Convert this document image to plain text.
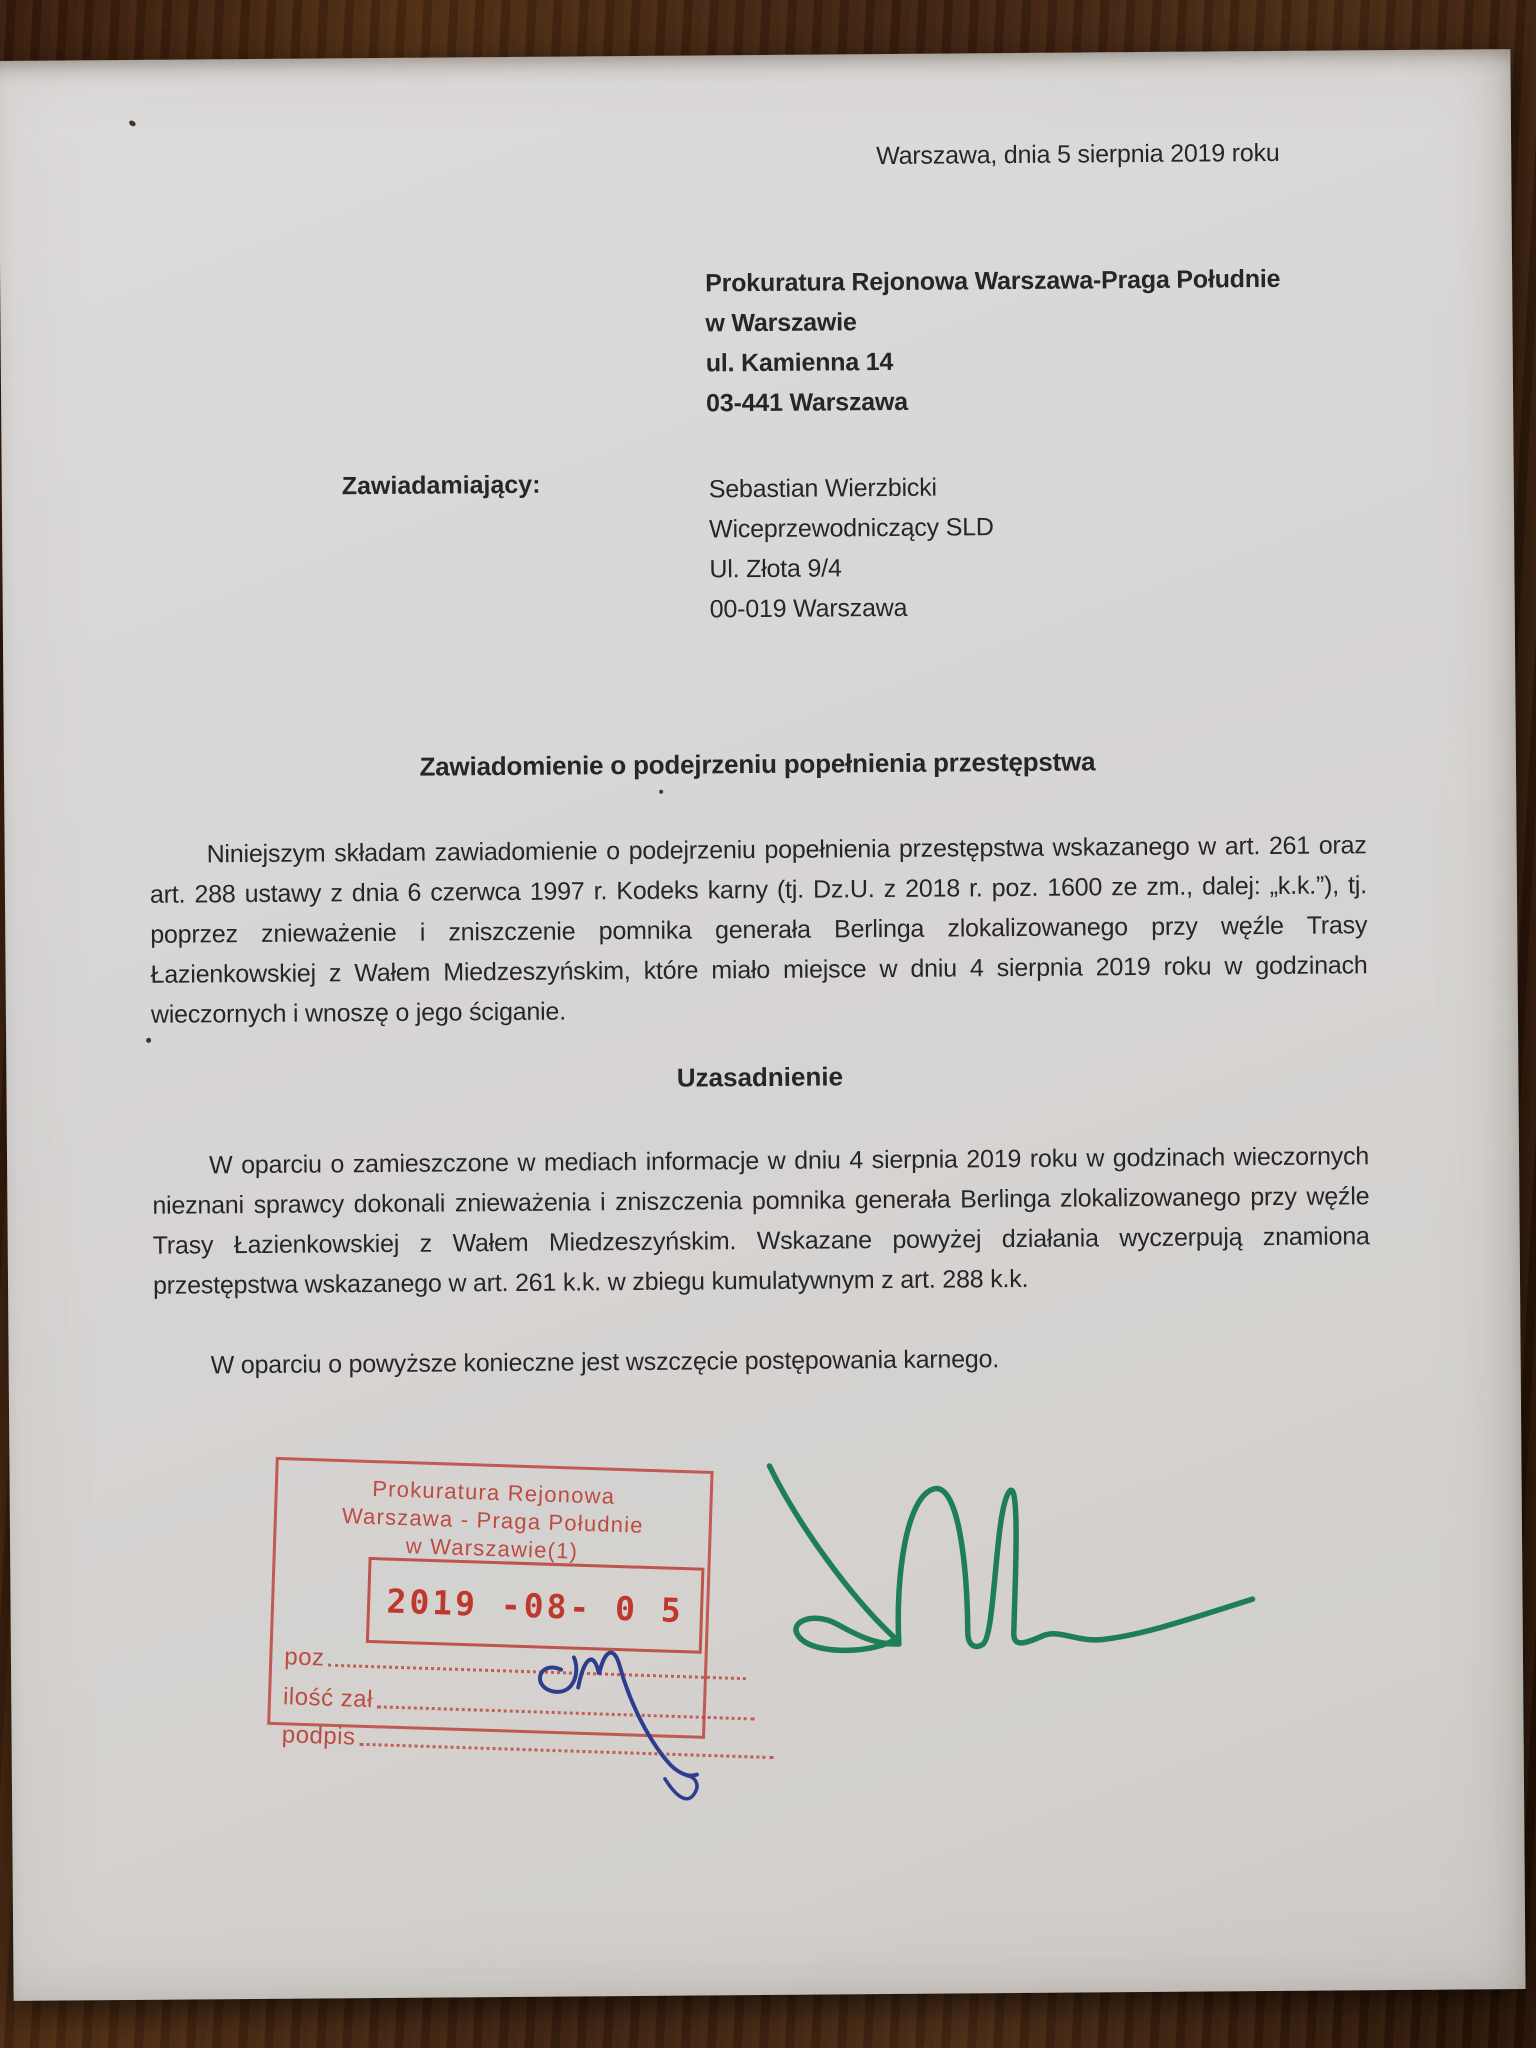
Warszawa, dnia 5 sierpnia 2019 roku
Prokuratura Rejonowa Warszawa-Praga Południe
w Warszawie
ul. Kamienna 14
03-441 Warszawa
Zawiadamiający:	Sebastian Wierzbicki
Wiceprzewodniczący SLD
Ul. Złota 9/4
00-019 Warszawa
Zawiadomienie o podejrzeniu popełnienia przestępstwa
Niniejszym składam zawiadomienie o podejrzeniu popełnienia przestępstwa wskazanego w art. 261 oraz art. 288 ustawy z dnia 6 czerwca 1997 r. Kodeks karny (tj. Dz.U. z 2018 r. poz. 1600 ze zm., dalej: „k.k.”), tj. poprzez znieważenie i zniszczenie pomnika generała Berlinga zlokalizowanego przy węźle Trasy Łazienkowskiej z Wałem Miedzeszyńskim, które miało miejsce w dniu 4 sierpnia 2019 roku w godzinach wieczornych i wnoszę o jego ściganie.
Uzasadnienie
W oparciu o zamieszczone w mediach informacje w dniu 4 sierpnia 2019 roku w godzinach wieczornych nieznani sprawcy dokonali znieważenia i zniszczenia pomnika generała Berlinga zlokalizowanego przy węźle Trasy Łazienkowskiej z Wałem Miedzeszyńskim. Wskazane powyżej działania wyczerpują znamiona przestępstwa wskazanego w art. 261 k.k. w zbiegu kumulatywnym z art. 288 k.k.
W oparciu o powyższe konieczne jest wszczęcie postępowania karnego.
Prokuratura Rejonowa
Warszawa - Praga Południe
w Warszawie(1)
2019 -08- 0 5
poz
ilość zał
podpis
